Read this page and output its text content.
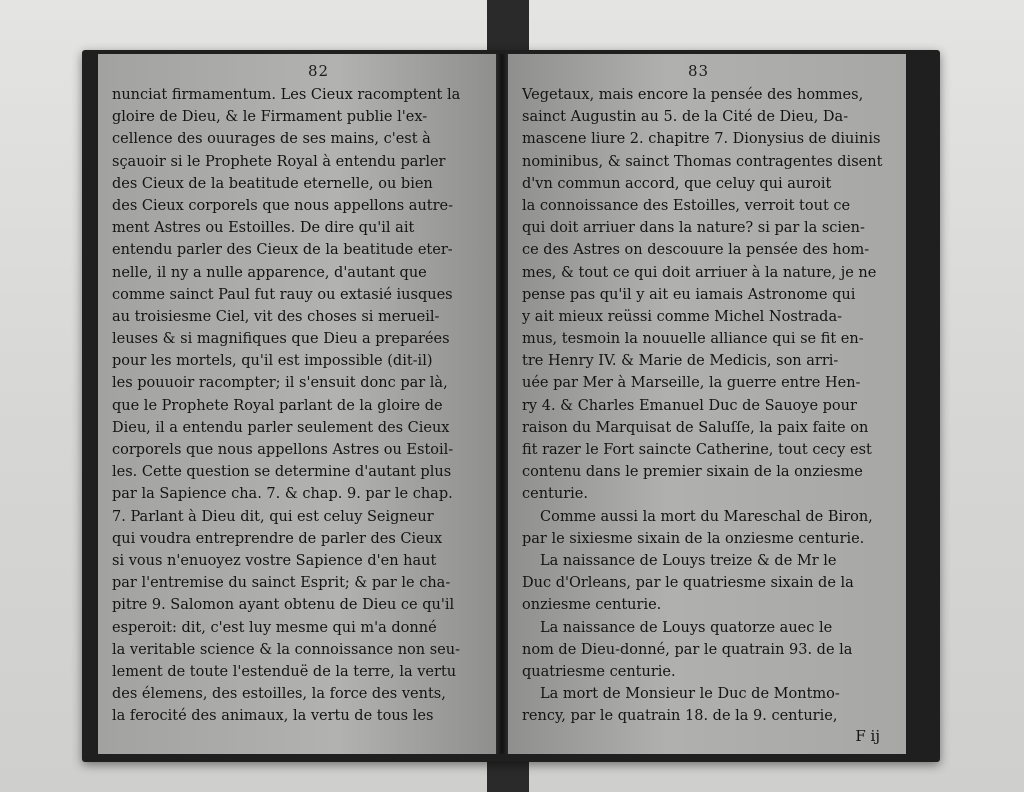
82
nunciat firmamentum. Les Cieux racomptent la
gloire de Dieu, & le Firmament publie l'ex-
cellence des ouurages de ses mains, c'est à
sçauoir si le Prophete Royal à entendu parler
des Cieux de la beatitude eternelle, ou bien
des Cieux corporels que nous appellons autre-
ment Astres ou Estoilles. De dire qu'il ait
entendu parler des Cieux de la beatitude eter-
nelle, il ny a nulle apparence, d'autant que
comme sainct Paul fut rauy ou extasié iusques
au troisiesme Ciel, vit des choses si merueil-
leuses & si magnifiques que Dieu a preparées
pour les mortels, qu'il est impossible (dit-il)
les pouuoir racompter; il s'ensuit donc par là,
que le Prophete Royal parlant de la gloire de
Dieu, il a entendu parler seulement des Cieux
corporels que nous appellons Astres ou Estoil-
les. Cette question se determine d'autant plus
par la Sapience cha. 7. & chap. 9. par le chap.
7. Parlant à Dieu dit, qui est celuy Seigneur
qui voudra entreprendre de parler des Cieux
si vous n'enuoyez vostre Sapience d'en haut
par l'entremise du sainct Esprit; & par le cha-
pitre 9. Salomon ayant obtenu de Dieu ce qu'il
esperoit: dit, c'est luy mesme qui m'a donné
la veritable science & la connoissance non seu-
lement de toute l'estenduë de la terre, la vertu
des élemens, des estoilles, la force des vents,
la ferocité des animaux, la vertu de tous les
83
Vegetaux, mais encore la pensée des hommes,
sainct Augustin au 5. de la Cité de Dieu, Da-
mascene liure 2. chapitre 7. Dionysius de diuinis
nominibus, & sainct Thomas contragentes disent
d'vn commun accord, que celuy qui auroit
la connoissance des Estoilles, verroit tout ce
qui doit arriuer dans la nature? si par la scien-
ce des Astres on descouure la pensée des hom-
mes, & tout ce qui doit arriuer à la nature, je ne
pense pas qu'il y ait eu iamais Astronome qui
y ait mieux reüssi comme Michel Nostrada-
mus, tesmoin la nouuelle alliance qui se fit en-
tre Henry IV. & Marie de Medicis, son arri-
uée par Mer à Marseille, la guerre entre Hen-
ry 4. & Charles Emanuel Duc de Sauoye pour
raison du Marquisat de Saluſſe, la paix faite on
fit razer le Fort saincte Catherine, tout cecy est
contenu dans le premier sixain de la onziesme
centurie.
Comme aussi la mort du Mareschal de Biron,
par le sixiesme sixain de la onziesme centurie.
La naissance de Louys treize & de Mr le
Duc d'Orleans, par le quatriesme sixain de la
onziesme centurie.
La naissance de Louys quatorze auec le
nom de Dieu-donné, par le quatrain 93. de la
quatriesme centurie.
La mort de Monsieur le Duc de Montmo-
rency, par le quatrain 18. de la 9. centurie,
F ij
